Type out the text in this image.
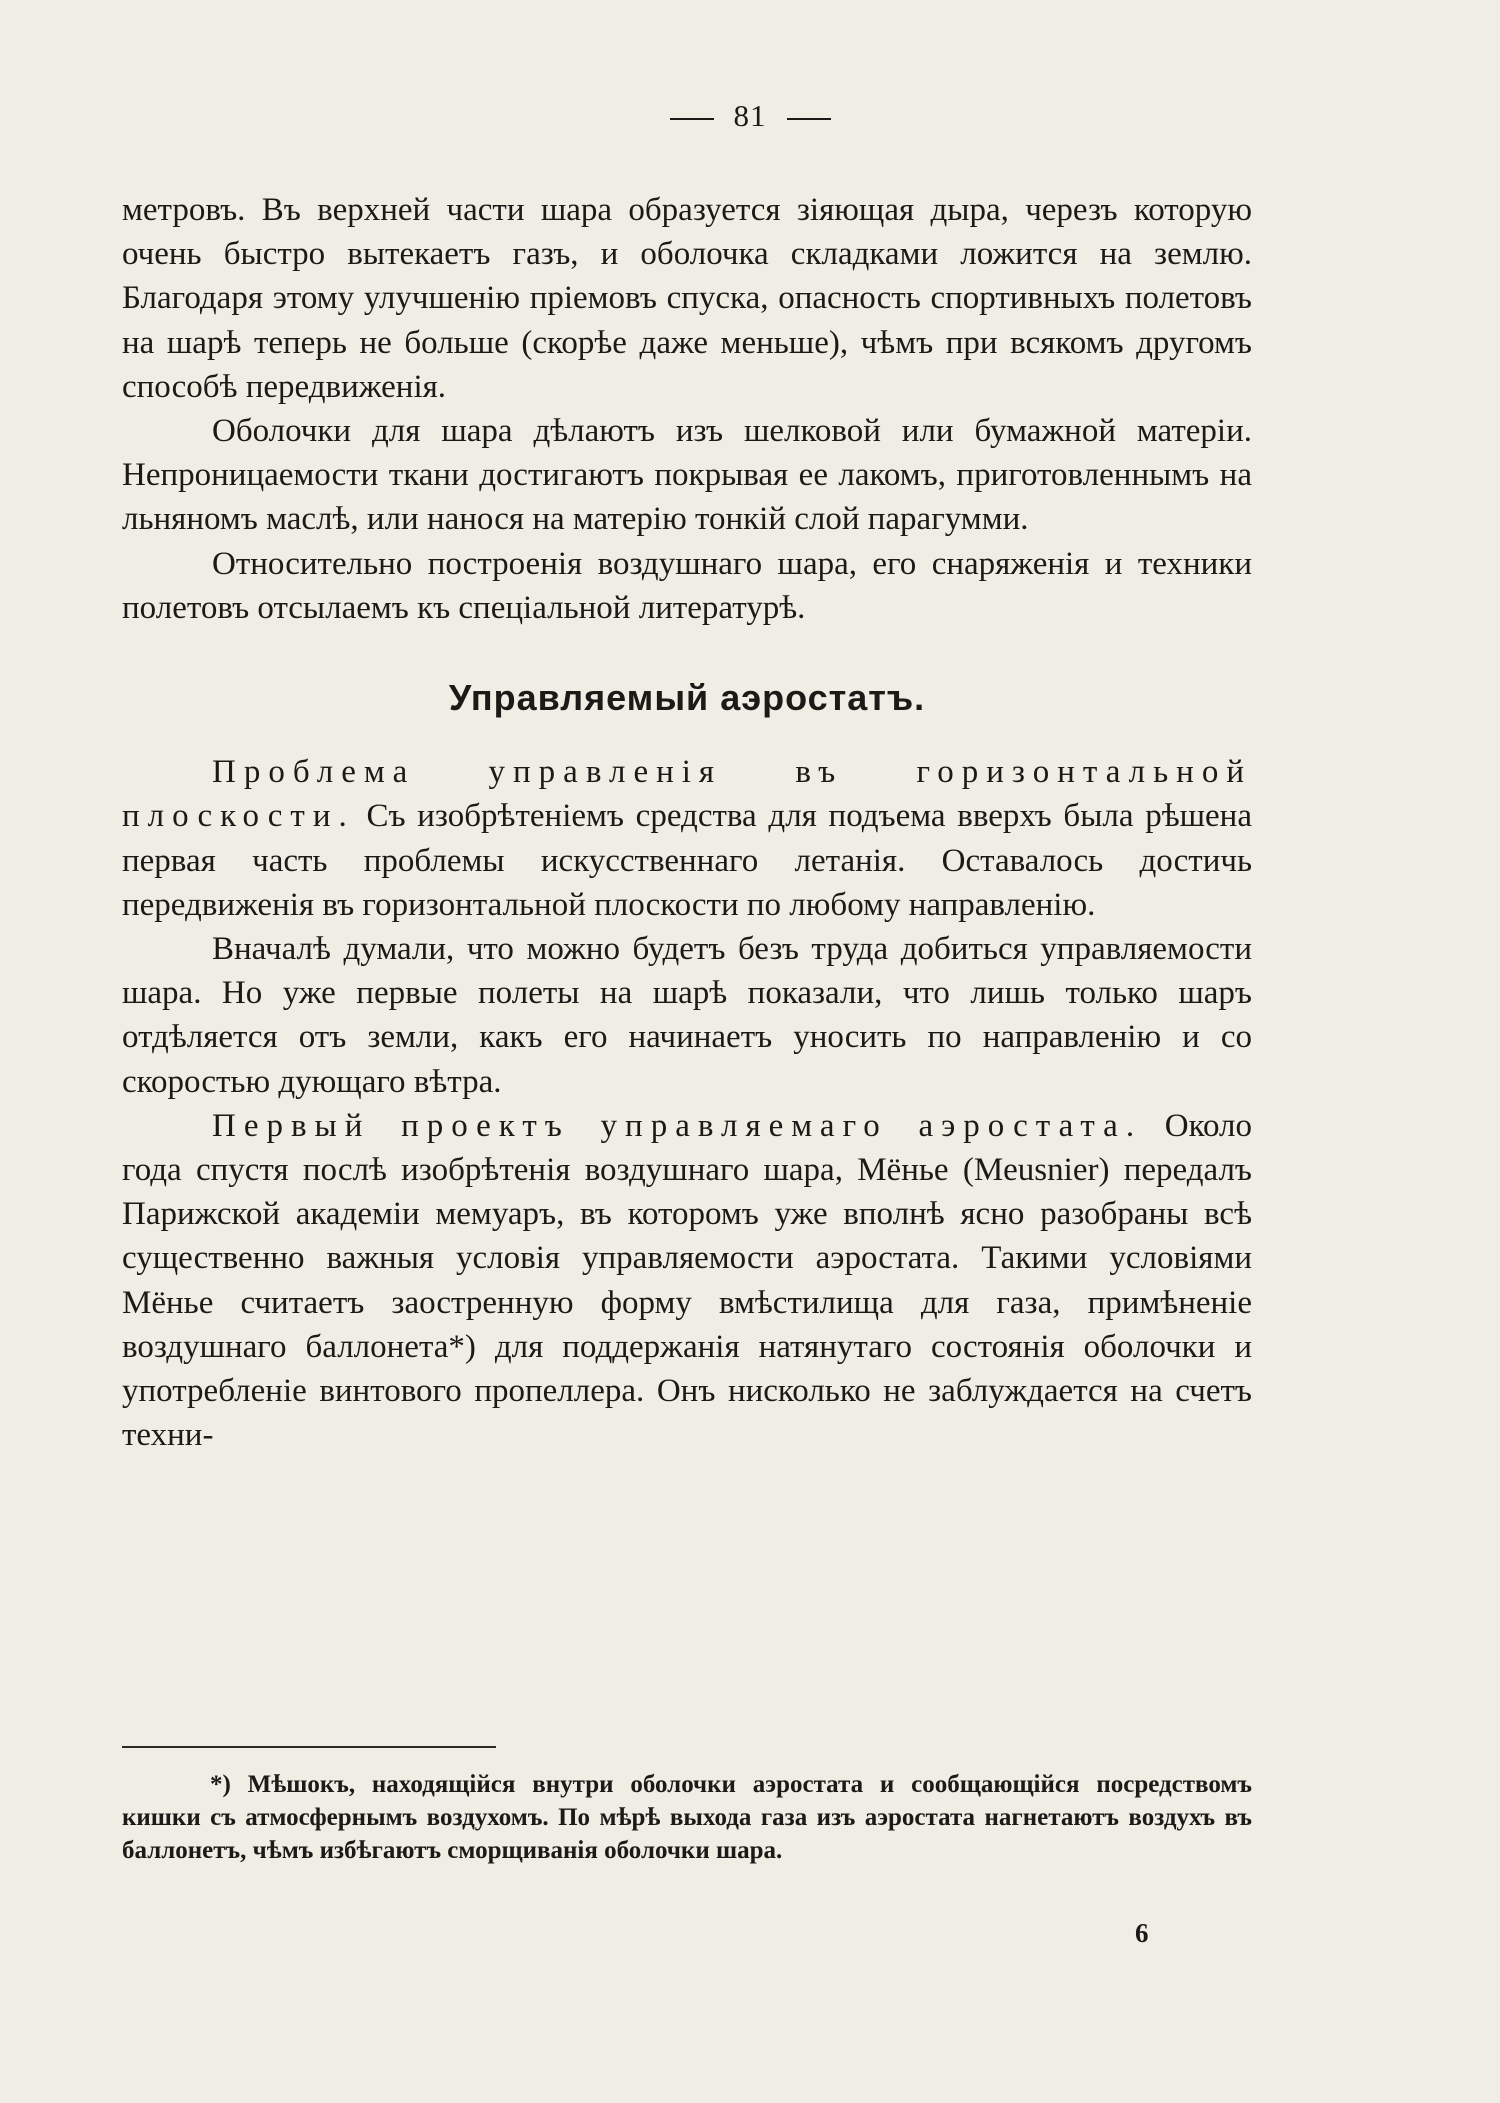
81

метровъ. Въ верхней части шара образуется зіяющая дыра, черезъ которую очень быстро вытекаетъ газъ, и оболочка складками ложится на землю. Благодаря этому улучшенію пріемовъ спуска, опасность спортивныхъ полетовъ на шарѣ теперь не больше (скорѣе даже меньше), чѣмъ при всякомъ другомъ способѣ передвиженія.

Оболочки для шара дѣлаютъ изъ шелковой или бумажной матеріи. Непроницаемости ткани достигаютъ покрывая ее лакомъ, приготовленнымъ на льняномъ маслѣ, или нанося на матерію тонкій слой парагумми.

Относительно построенія воздушнаго шара, его снаряженія и техники полетовъ отсылаемъ къ спеціальной литературѣ.

Управляемый аэростатъ.

Проблема управленія въ горизонтальной плоскости. Съ изобрѣтеніемъ средства для подъема вверхъ была рѣшена первая часть проблемы искусственнаго летанія. Оставалось достичь передвиженія въ горизонтальной плоскости по любому направленію.

Вначалѣ думали, что можно будетъ безъ труда добиться управляемости шара. Но уже первые полеты на шарѣ показали, что лишь только шаръ отдѣляется отъ земли, какъ его начинаетъ уносить по направленію и со скоростью дующаго вѣтра.

Первый проектъ управляемаго аэростата. Около года спустя послѣ изобрѣтенія воздушнаго шара, Мёнье (Meusnier) передалъ Парижской академіи мемуаръ, въ которомъ уже вполнѣ ясно разобраны всѣ существенно важныя условія управляемости аэростата. Такими условіями Мёнье считаетъ заостренную форму вмѣстилища для газа, примѣненіе воздушнаго баллонета*) для поддержанія натянутаго состоянія оболочки и употребленіе винтового пропеллера. Онъ нисколько не заблуждается на счетъ техни-

*) Мѣшокъ, находящійся внутри оболочки аэростата и сообщающійся посредствомъ кишки съ атмосфернымъ воздухомъ. По мѣрѣ выхода газа изъ аэростата нагнетаютъ воздухъ въ баллонетъ, чѣмъ избѣгаютъ сморщиванія оболочки шара.
6
